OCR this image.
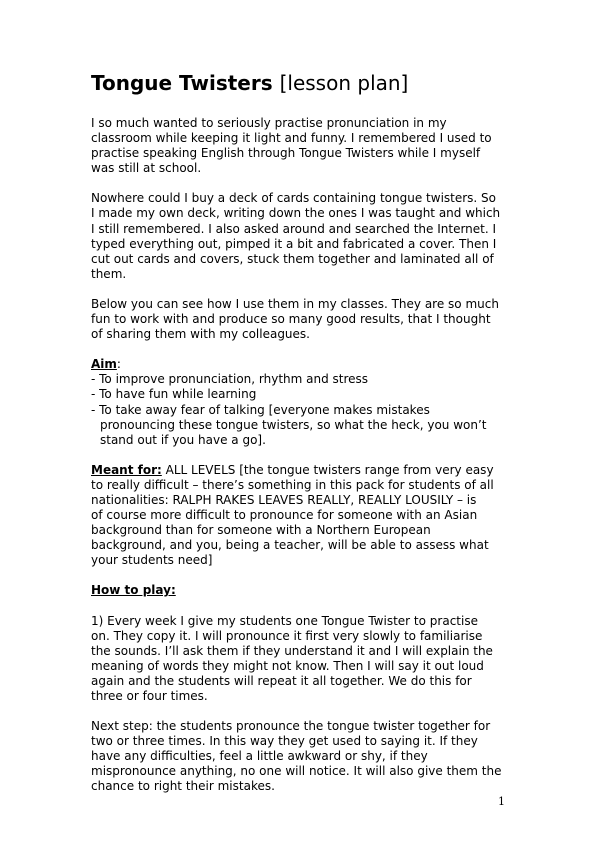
Tongue Twisters [lesson plan]

I so much wanted to seriously practise pronunciation in my
classroom while keeping it light and funny. I remembered I used to
practise speaking English through Tongue Twisters while I myself
was still at school.

Nowhere could I buy a deck of cards containing tongue twisters. So
I made my own deck, writing down the ones I was taught and which
I still remembered. I also asked around and searched the Internet. I
typed everything out, pimped it a bit and fabricated a cover. Then I
cut out cards and covers, stuck them together and laminated all of
them.

Below you can see how I use them in my classes. They are so much
fun to work with and produce so many good results, that I thought
of sharing them with my colleagues.

Aim:
- To improve pronunciation, rhythm and stress
- To have fun while learning
- To take away fear of talking [everyone makes mistakes
pronouncing these tongue twisters, so what the heck, you won’t
stand out if you have a go].

Meant for: ALL LEVELS [the tongue twisters range from very easy
to really difficult – there’s something in this pack for students of all
nationalities: RALPH RAKES LEAVES REALLY, REALLY LOUSILY – is
of course more difficult to pronounce for someone with an Asian
background than for someone with a Northern European
background, and you, being a teacher, will be able to assess what
your students need]

How to play:

1) Every week I give my students one Tongue Twister to practise
on. They copy it. I will pronounce it first very slowly to familiarise
the sounds. I’ll ask them if they understand it and I will explain the
meaning of words they might not know. Then I will say it out loud
again and the students will repeat it all together. We do this for
three or four times.

Next step: the students pronounce the tongue twister together for
two or three times. In this way they get used to saying it. If they
have any difficulties, feel a little awkward or shy, if they
mispronounce anything, no one will notice. It will also give them the
chance to right their mistakes.

1
